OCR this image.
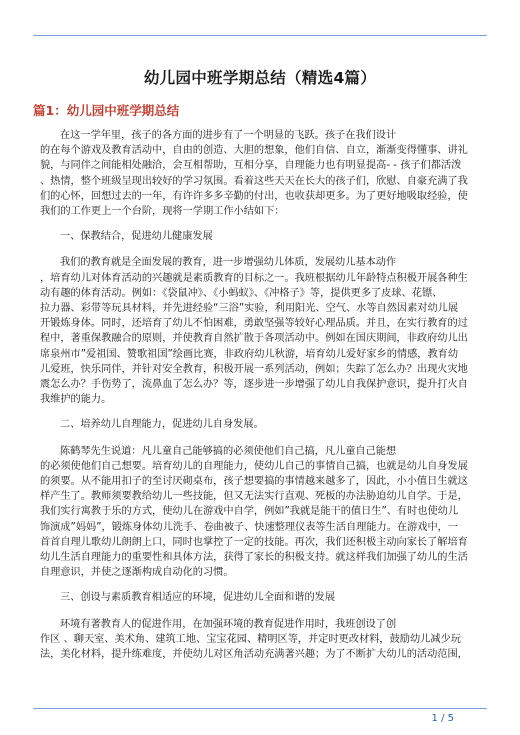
幼儿园中班学期总结（精选4篇）
篇1：幼儿园中班学期总结

在这一学年里，孩子的各方面的进步有了一个明显的飞跃。孩子在我们设计
的在每个游戏及教育活动中，自由的创造、大胆的想象，他们自信、自立，渐渐变得懂事、讲礼
貌，与同伴之间能相处融洽，会互相帮助，互相分享，自理能力也有明显提高- - 孩子们都活泼
、热情，整个班级呈现出较好的学习氛围。看着这些天天在长大的孩子们，欣慰、自豪充满了我
们的心怀，回想过去的一年，有许许多多辛勤的付出，也收获却更多。为了更好地吸取经验，使
我们的工作更上一个台阶，现将一学期工作小结如下：

一、保教结合，促进幼儿健康发展

我们的教育就是全面发展的教育，进一步增强幼儿体质，发展幼儿基本动作
，培育幼儿对体育活动的兴趣就是素质教育的目标之一。我班根据幼儿年龄特点积极开展各种生
动有趣的体育活动。例如：《袋鼠冲》、《小蚂蚁》、《冲格子》等，提供更多了皮球、花镖、
拉力器、彩带等玩具材料，并先进经验“三浴”实验，利用阳光、空气、水等自然因素对幼儿展
开锻炼身体。同时，还培育了幼儿不怕困难，勇敢坚强等较好心理品质。并且，在实行教育的过
程中，著重保教融合的原则，并使教育自然扩散于各项活动中。例如在国庆期间，非政府幼儿出
席泉州市”爱祖国、赞歌祖国”绘画比赛，非政府幼儿秋游，培育幼儿爱好家乡的情感，教育幼
儿爱班，快乐同伴，并针对安全教育，积极开展一系列活动，例如；失踪了怎么办？出现火灾地
震怎么办？手伤势了，流鼻血了怎么办？等，逐步进一步增强了幼儿自我保护意识，提升打火自
我维护的能力。

二、培养幼儿自理能力，促进幼儿自身发展。

陈鹤琴先生说道：凡儿童自己能够搞的必须使他们自己搞，凡儿童自己能想
的必须使他们自己想要。培育幼儿的自理能力，使幼儿自己的事情自己搞，也就是幼儿自身发展
的须要。从不能用扣子的至讨厌砌桌布，孩子想要搞的事情越来越多了，因此，小小值日生就这
样产生了。教师须要教给幼儿一些技能，但又无法实行直观、死板的办法胁迫幼儿自学。于是，
我们实行寓教于乐的方式，使幼儿在游戏中自学，例如”我就是能干的值日生”、有时也使幼儿
饰演成”妈妈”，锻炼身体幼儿洗手、卷曲被子、快速整理仪表等生活自理能力。在游戏中，一
首首自理儿歌幼儿朗朗上口，同时也掌控了一定的技能。再次，我们还积极主动向家长了解培育
幼儿生活自理能力的重要性和具体方法，获得了家长的积极支持。就这样我们加强了幼儿的生活
自理意识，并使之逐渐构成自动化的习惯。

三、创设与素质教育相适应的环境，促进幼儿全面和谐的发展

环境有著教育人的促进作用，在加强环境的教育促进作用时，我班创设了创
作区 、聊天室、美术角、建筑工地、宝宝花园、精明区等，并定时更改材料，鼓励幼儿减少玩
法，美化材料，提升练难度，并使幼儿对区角活动充满著兴趣；为了不断扩大幼儿的活动范围，

1 / 5
